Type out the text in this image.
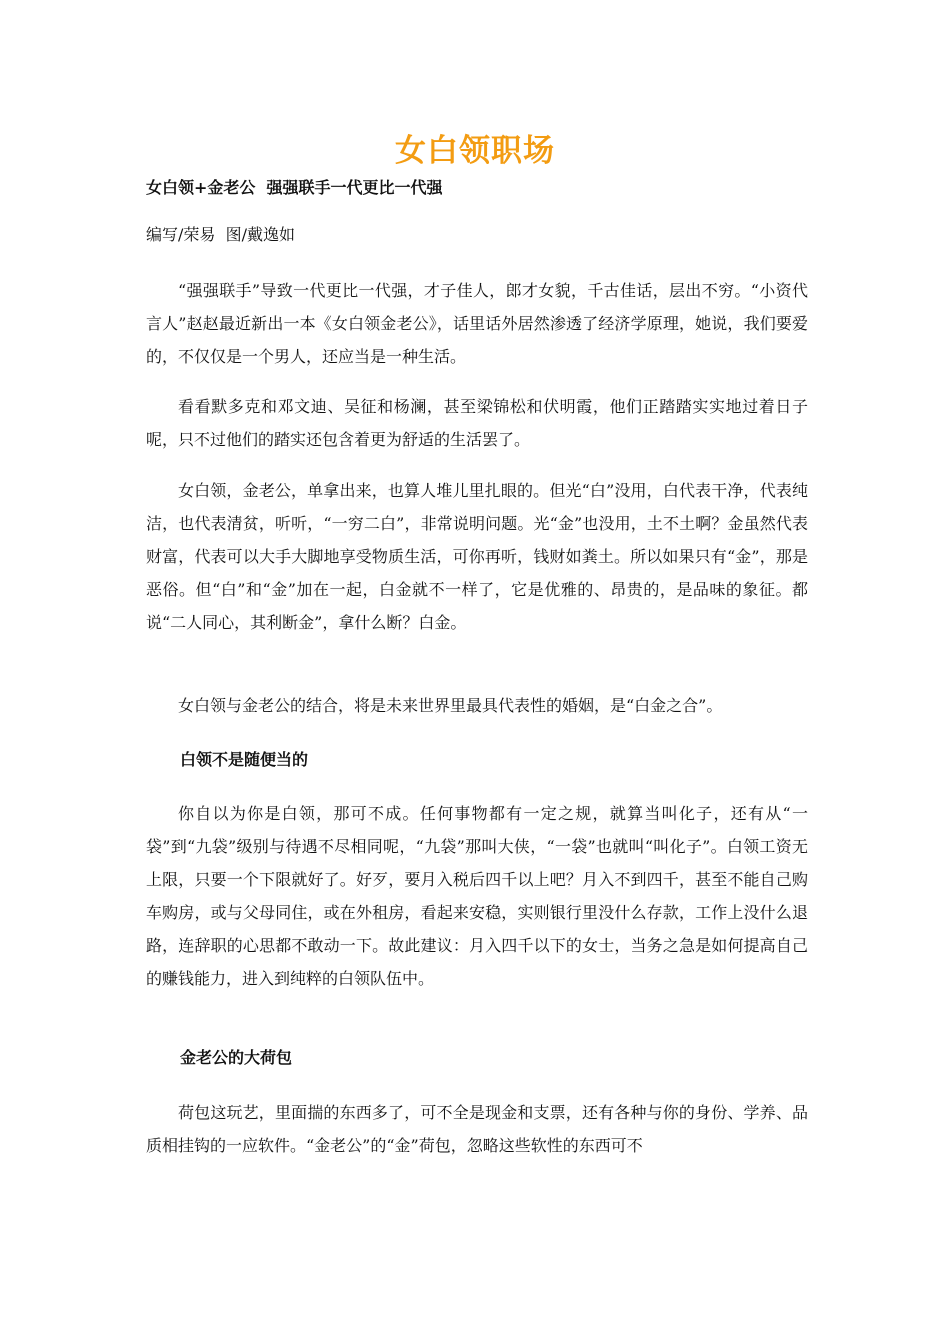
女白领职场

女白领+金老公  强强联手一代更比一代强

编写/荣易  图/戴逸如

“强强联手”导致一代更比一代强，才子佳人，郎才女貌，千古佳话，层出不穷。“小资代言人”赵赵最近新出一本《女白领金老公》，话里话外居然渗透了经济学原理，她说，我们要爱的，不仅仅是一个男人，还应当是一种生活。

看看默多克和邓文迪、吴征和杨澜，甚至梁锦松和伏明霞，他们正踏踏实实地过着日子呢，只不过他们的踏实还包含着更为舒适的生活罢了。

女白领，金老公，单拿出来，也算人堆儿里扎眼的。但光“白”没用，白代表干净，代表纯洁，也代表清贫，听听，“一穷二白”，非常说明问题。光“金”也没用，土不土啊？金虽然代表财富，代表可以大手大脚地享受物质生活，可你再听，钱财如粪土。所以如果只有“金”，那是恶俗。但“白”和“金”加在一起，白金就不一样了，它是优雅的、昂贵的，是品味的象征。都说“二人同心，其利断金”，拿什么断？白金。

女白领与金老公的结合，将是未来世界里最具代表性的婚姻，是“白金之合”。

白领不是随便当的

你自以为你是白领，那可不成。任何事物都有一定之规，就算当叫化子，还有从“一袋”到“九袋”级别与待遇不尽相同呢，“九袋”那叫大侠，“一袋”也就叫“叫化子”。白领工资无上限，只要一个下限就好了。好歹，要月入税后四千以上吧？月入不到四千，甚至不能自己购车购房，或与父母同住，或在外租房，看起来安稳，实则银行里没什么存款，工作上没什么退路，连辞职的心思都不敢动一下。故此建议：月入四千以下的女士，当务之急是如何提高自己的赚钱能力，进入到纯粹的白领队伍中。

金老公的大荷包

荷包这玩艺，里面揣的东西多了，可不全是现金和支票，还有各种与你的身份、学养、品质相挂钩的一应软件。“金老公”的“金”荷包，忽略这些软性的东西可不
